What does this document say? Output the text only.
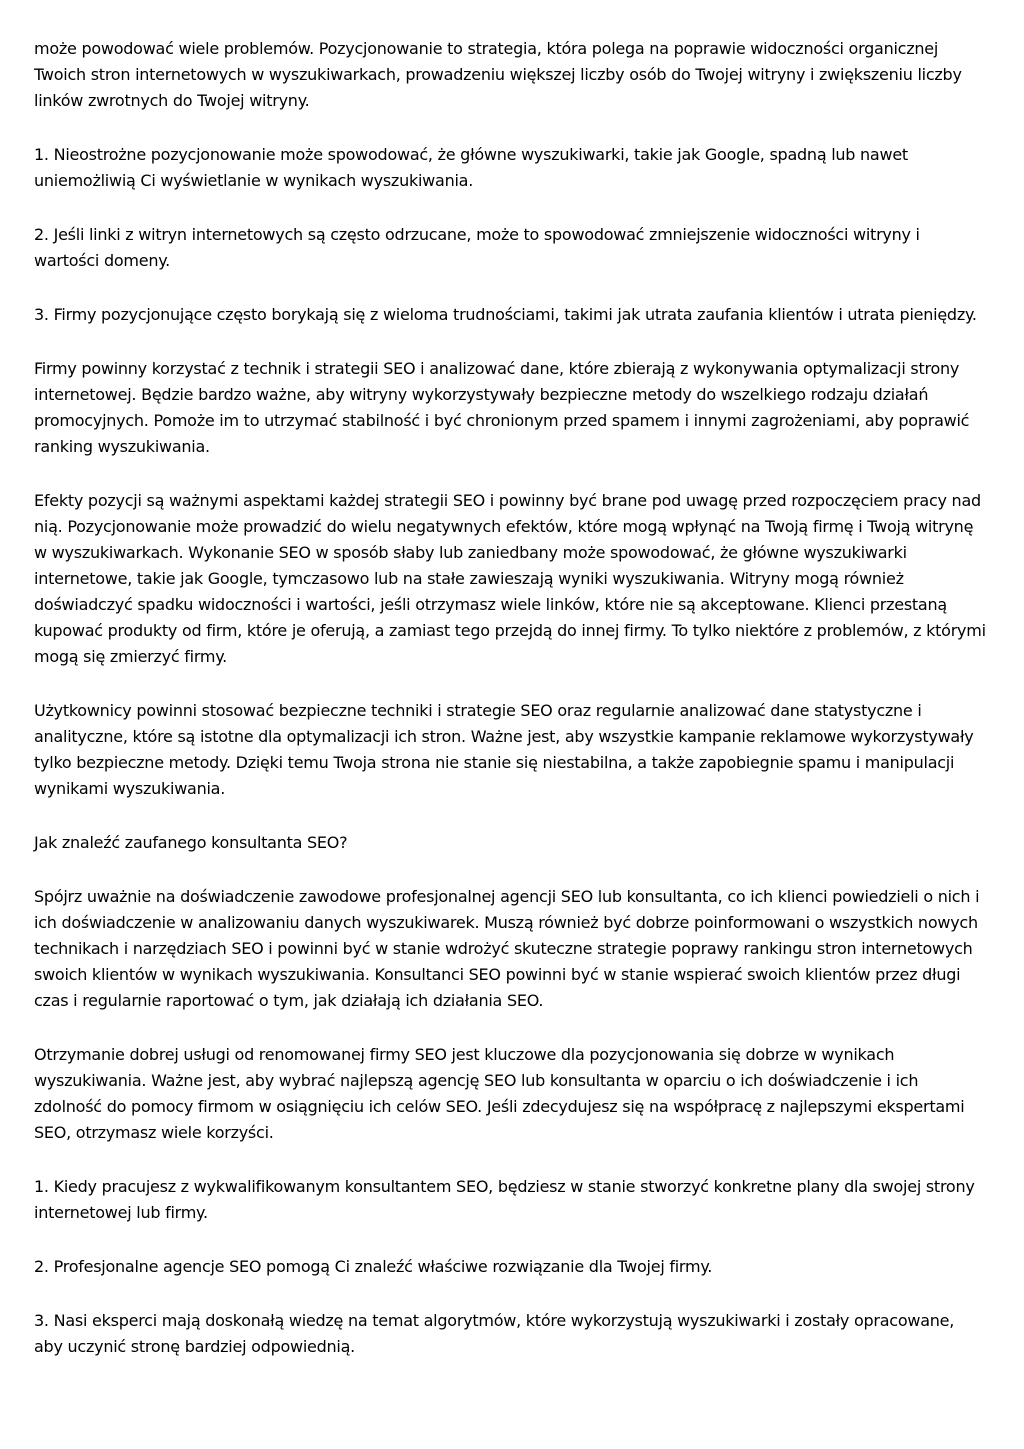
może powodować wiele problemów. Pozycjonowanie to strategia, która polega na poprawie widoczności organicznej Twoich stron internetowych w wyszukiwarkach, prowadzeniu większej liczby osób do Twojej witryny i zwiększeniu liczby linków zwrotnych do Twojej witryny.

1. Nieostrożne pozycjonowanie może spowodować, że główne wyszukiwarki, takie jak Google, spadną lub nawet uniemożliwią Ci wyświetlanie w wynikach wyszukiwania.

2. Jeśli linki z witryn internetowych są często odrzucane, może to spowodować zmniejszenie widoczności witryny i wartości domeny.

3. Firmy pozycjonujące często borykają się z wieloma trudnościami, takimi jak utrata zaufania klientów i utrata pieniędzy.

Firmy powinny korzystać z technik i strategii SEO i analizować dane, które zbierają z wykonywania optymalizacji strony internetowej. Będzie bardzo ważne, aby witryny wykorzystywały bezpieczne metody do wszelkiego rodzaju działań promocyjnych. Pomoże im to utrzymać stabilność i być chronionym przed spamem i innymi zagrożeniami, aby poprawić ranking wyszukiwania.

Efekty pozycji są ważnymi aspektami każdej strategii SEO i powinny być brane pod uwagę przed rozpoczęciem pracy nad nią. Pozycjonowanie może prowadzić do wielu negatywnych efektów, które mogą wpłynąć na Twoją firmę i Twoją witrynę w wyszukiwarkach. Wykonanie SEO w sposób słaby lub zaniedbany może spowodować, że główne wyszukiwarki internetowe, takie jak Google, tymczasowo lub na stałe zawieszają wyniki wyszukiwania. Witryny mogą również doświadczyć spadku widoczności i wartości, jeśli otrzymasz wiele linków, które nie są akceptowane. Klienci przestaną kupować produkty od firm, które je oferują, a zamiast tego przejdą do innej firmy. To tylko niektóre z problemów, z którymi mogą się zmierzyć firmy.

Użytkownicy powinni stosować bezpieczne techniki i strategie SEO oraz regularnie analizować dane statystyczne i analityczne, które są istotne dla optymalizacji ich stron. Ważne jest, aby wszystkie kampanie reklamowe wykorzystywały tylko bezpieczne metody. Dzięki temu Twoja strona nie stanie się niestabilna, a także zapobiegnie spamu i manipulacji wynikami wyszukiwania.

Jak znaleźć zaufanego konsultanta SEO?

Spójrz uważnie na doświadczenie zawodowe profesjonalnej agencji SEO lub konsultanta, co ich klienci powiedzieli o nich i ich doświadczenie w analizowaniu danych wyszukiwarek. Muszą również być dobrze poinformowani o wszystkich nowych technikach i narzędziach SEO i powinni być w stanie wdrożyć skuteczne strategie poprawy rankingu stron internetowych swoich klientów w wynikach wyszukiwania. Konsultanci SEO powinni być w stanie wspierać swoich klientów przez długi czas i regularnie raportować o tym, jak działają ich działania SEO.

Otrzymanie dobrej usługi od renomowanej firmy SEO jest kluczowe dla pozycjonowania się dobrze w wynikach wyszukiwania. Ważne jest, aby wybrać najlepszą agencję SEO lub konsultanta w oparciu o ich doświadczenie i ich zdolność do pomocy firmom w osiągnięciu ich celów SEO. Jeśli zdecydujesz się na współpracę z najlepszymi ekspertami SEO, otrzymasz wiele korzyści.

1. Kiedy pracujesz z wykwalifikowanym konsultantem SEO, będziesz w stanie stworzyć konkretne plany dla swojej strony internetowej lub firmy.

2. Profesjonalne agencje SEO pomogą Ci znaleźć właściwe rozwiązanie dla Twojej firmy.

3. Nasi eksperci mają doskonałą wiedzę na temat algorytmów, które wykorzystują wyszukiwarki i zostały opracowane, aby uczynić stronę bardziej odpowiednią.
